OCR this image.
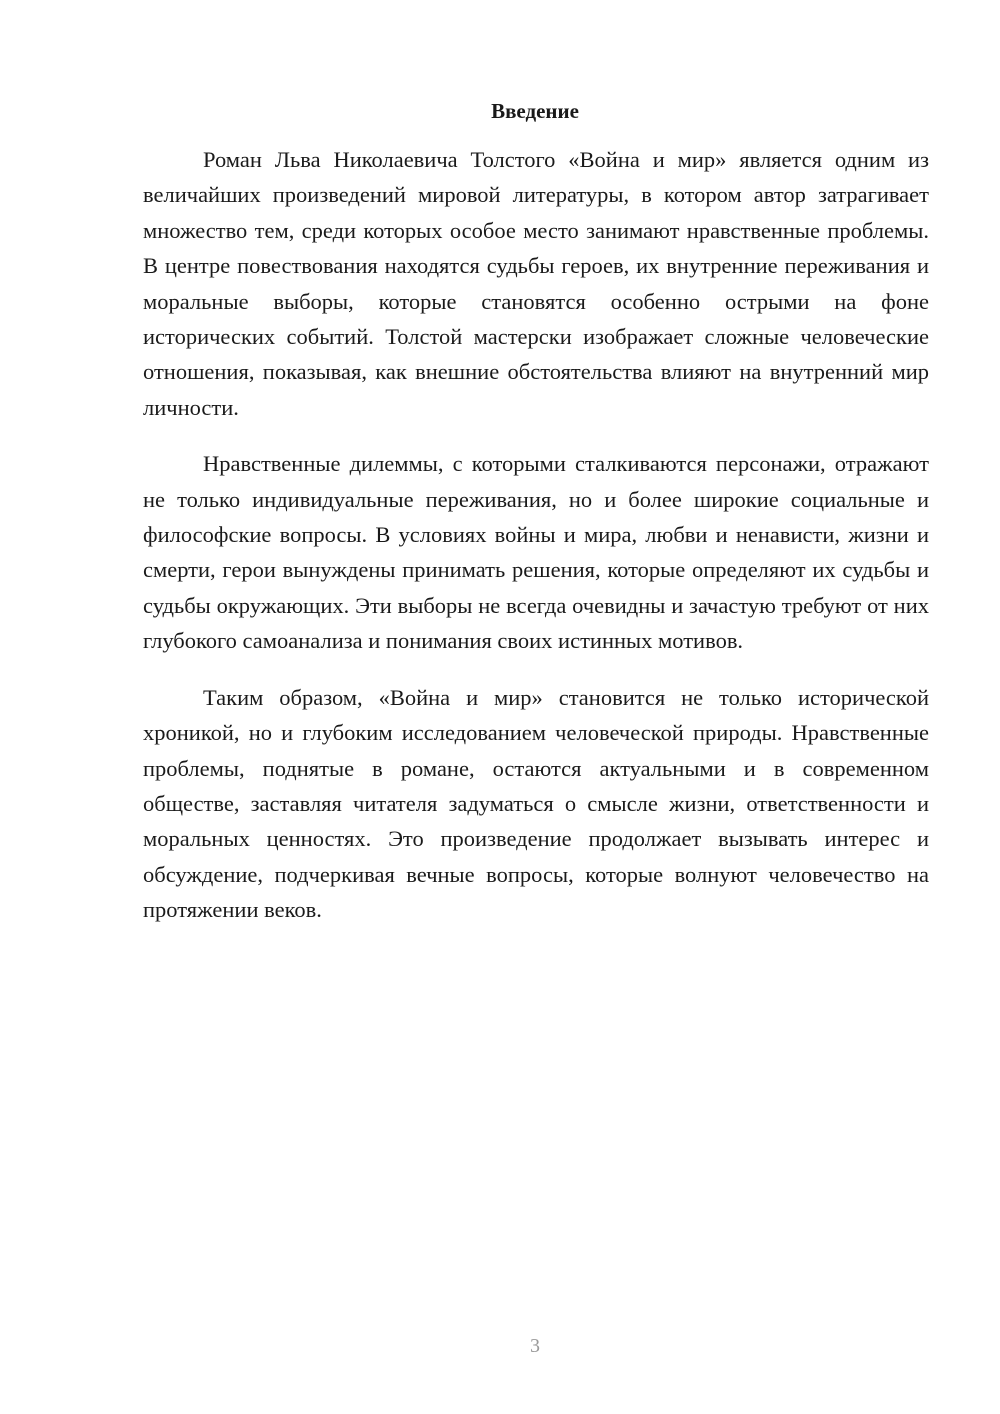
Введение

Роман Льва Николаевича Толстого «Война и мир» является одним из величайших произведений мировой литературы, в котором автор затрагивает множество тем, среди которых особое место занимают нравственные проблемы. В центре повествования находятся судьбы героев, их внутренние переживания и моральные выборы, которые становятся особенно острыми на фоне исторических событий. Толстой мастерски изображает сложные человеческие отношения, показывая, как внешние обстоятельства влияют на внутренний мир личности.

Нравственные дилеммы, с которыми сталкиваются персонажи, отражают не только индивидуальные переживания, но и более широкие социальные и философские вопросы. В условиях войны и мира, любви и ненависти, жизни и смерти, герои вынуждены принимать решения, которые определяют их судьбы и судьбы окружающих. Эти выборы не всегда очевидны и зачастую требуют от них глубокого самоанализа и понимания своих истинных мотивов.

Таким образом, «Война и мир» становится не только исторической хроникой, но и глубоким исследованием человеческой природы. Нравственные проблемы, поднятые в романе, остаются актуальными и в современном обществе, заставляя читателя задуматься о смысле жизни, ответственности и моральных ценностях. Это произведение продолжает вызывать интерес и обсуждение, подчеркивая вечные вопросы, которые волнуют человечество на протяжении веков.

3
